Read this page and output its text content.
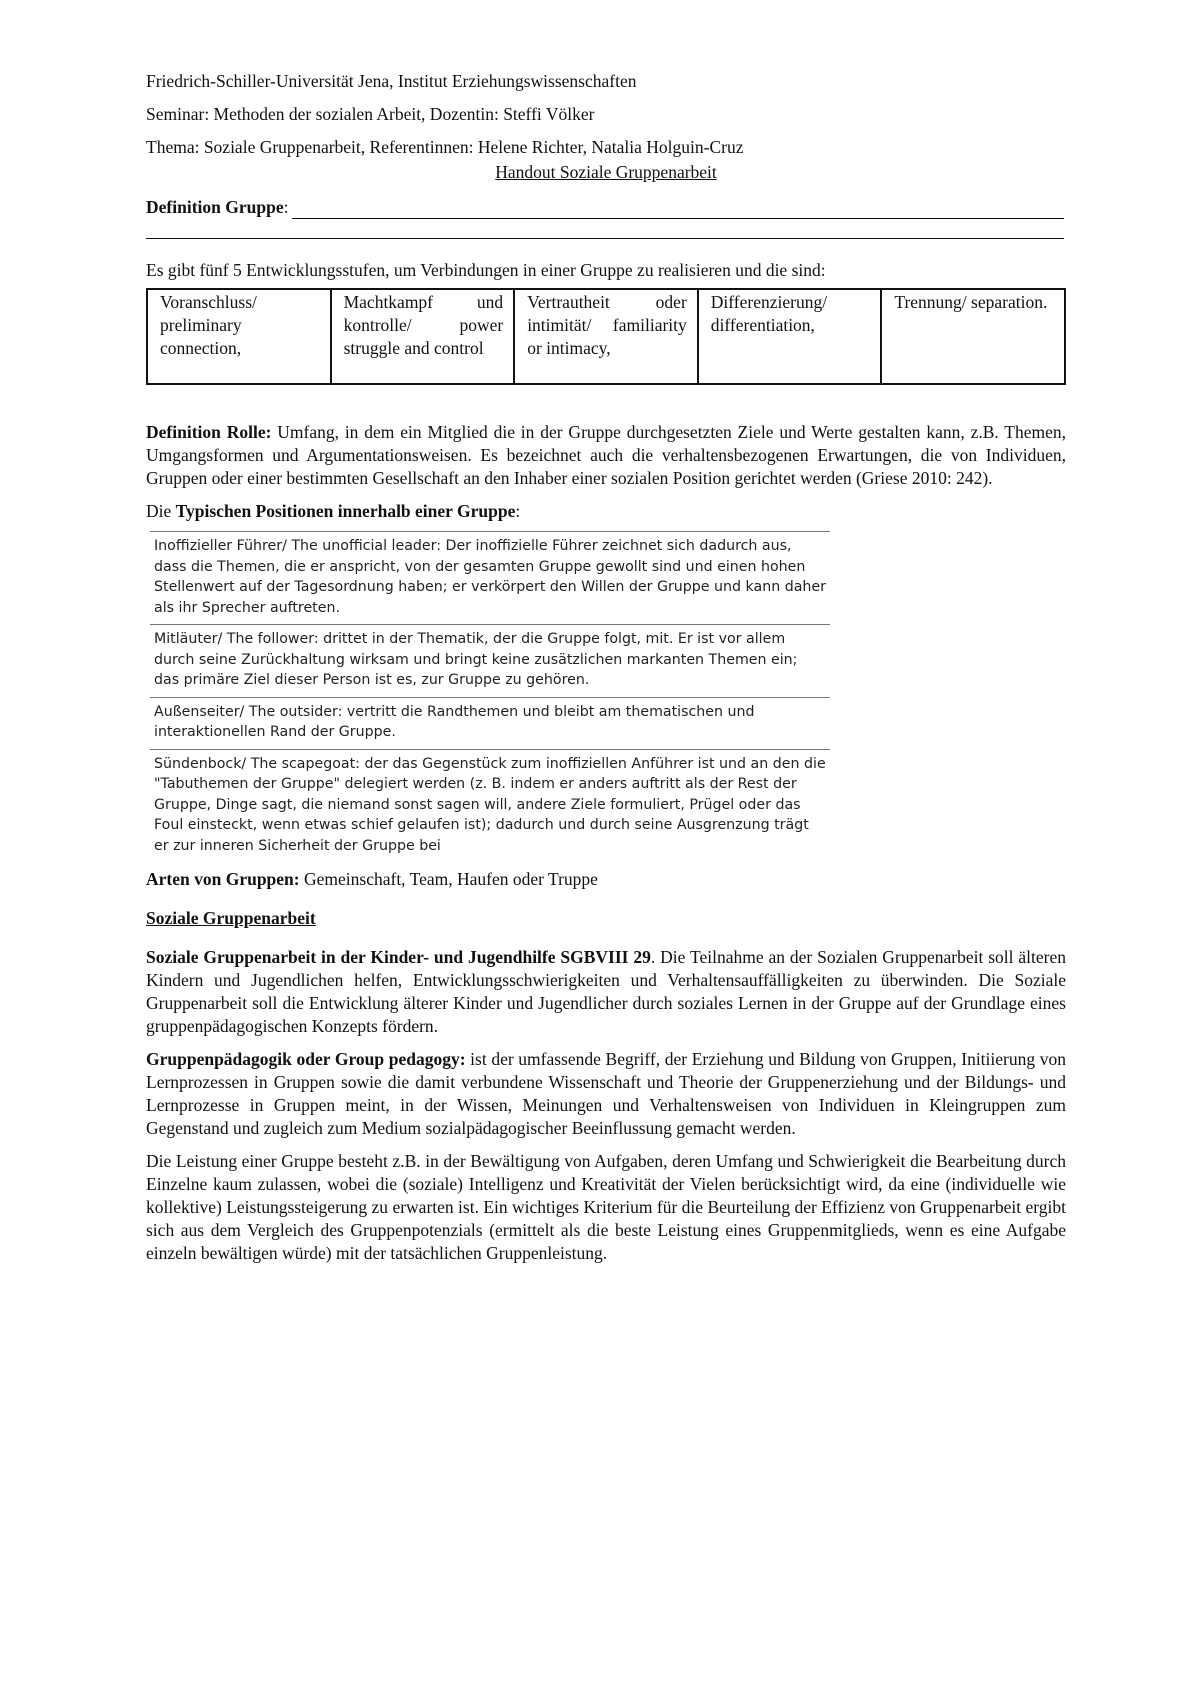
Friedrich-Schiller-Universität Jena, Institut Erziehungswissenschaften

Seminar: Methoden der sozialen Arbeit, Dozentin: Steffi Völker

Thema: Soziale Gruppenarbeit, Referentinnen: Helene Richter, Natalia Holguin-Cruz

Handout Soziale Gruppenarbeit

Definition Gruppe :

Es gibt fünf 5 Entwicklungsstufen, um Verbindungen in einer Gruppe zu realisieren und die sind:

Voranschluss/ preliminary connection,	Machtkampf und kontrolle/ power struggle and control	Vertrautheit oder intimität/ familiarity or intimacy,	Differenzierung/ differentiation,	Trennung/ separation.

Definition Rolle: Umfang, in dem ein Mitglied die in der Gruppe durchgesetzten Ziele und Werte gestalten kann, z.B. Themen, Umgangsformen und Argumentationsweisen. Es bezeichnet auch die verhaltensbezogenen Erwartungen, die von Individuen, Gruppen oder einer bestimmten Gesellschaft an den Inhaber einer sozialen Position gerichtet werden (Griese 2010: 242).

Die Typischen Positionen innerhalb einer Gruppe:

Inoffizieller Führer/ The unofficial leader: Der inoffizielle Führer zeichnet sich dadurch aus, dass die Themen, die er anspricht, von der gesamten Gruppe gewollt sind und einen hohen Stellenwert auf der Tagesordnung haben; er verkörpert den Willen der Gruppe und kann daher als ihr Sprecher auftreten.
Mitläuter/ The follower: drittet in der Thematik, der die Gruppe folgt, mit. Er ist vor allem durch seine Zurückhaltung wirksam und bringt keine zusätzlichen markanten Themen ein; das primäre Ziel dieser Person ist es, zur Gruppe zu gehören.
Außenseiter/ The outsider: vertritt die Randthemen und bleibt am thematischen und interaktionellen Rand der Gruppe.
Sündenbock/ The scapegoat: der das Gegenstück zum inoffiziellen Anführer ist und an den die "Tabuthemen der Gruppe" delegiert werden (z. B. indem er anders auftritt als der Rest der Gruppe, Dinge sagt, die niemand sonst sagen will, andere Ziele formuliert, Prügel oder das Foul einsteckt, wenn etwas schief gelaufen ist); dadurch und durch seine Ausgrenzung trägt er zur inneren Sicherheit der Gruppe bei

Arten von Gruppen: Gemeinschaft, Team, Haufen oder Truppe

Soziale Gruppenarbeit

Soziale Gruppenarbeit in der Kinder- und Jugendhilfe SGBVIII 29. Die Teilnahme an der Sozialen Gruppenarbeit soll älteren Kindern und Jugendlichen helfen, Entwicklungsschwierigkeiten und Verhaltensauffälligkeiten zu überwinden. Die Soziale Gruppenarbeit soll die Entwicklung älterer Kinder und Jugendlicher durch soziales Lernen in der Gruppe auf der Grundlage eines gruppenpädagogischen Konzepts fördern.

Gruppenpädagogik oder Group pedagogy: ist der umfassende Begriff, der Erziehung und Bildung von Gruppen, Initiierung von Lernprozessen in Gruppen sowie die damit verbundene Wissenschaft und Theorie der Gruppenerziehung und der Bildungs- und Lernprozesse in Gruppen meint, in der Wissen, Meinungen und Verhaltensweisen von Individuen in Kleingruppen zum Gegenstand und zugleich zum Medium sozialpädagogischer Beeinflussung gemacht werden.

Die Leistung einer Gruppe besteht z.B. in der Bewältigung von Aufgaben, deren Umfang und Schwierigkeit die Bearbeitung durch Einzelne kaum zulassen, wobei die (soziale) Intelligenz und Kreativität der Vielen berücksichtigt wird, da eine (individuelle wie kollektive) Leistungssteigerung zu erwarten ist. Ein wichtiges Kriterium für die Beurteilung der Effizienz von Gruppenarbeit ergibt sich aus dem Vergleich des Gruppenpotenzials (ermittelt als die beste Leistung eines Gruppenmitglieds, wenn es eine Aufgabe einzeln bewältigen würde) mit der tatsächlichen Gruppenleistung.
